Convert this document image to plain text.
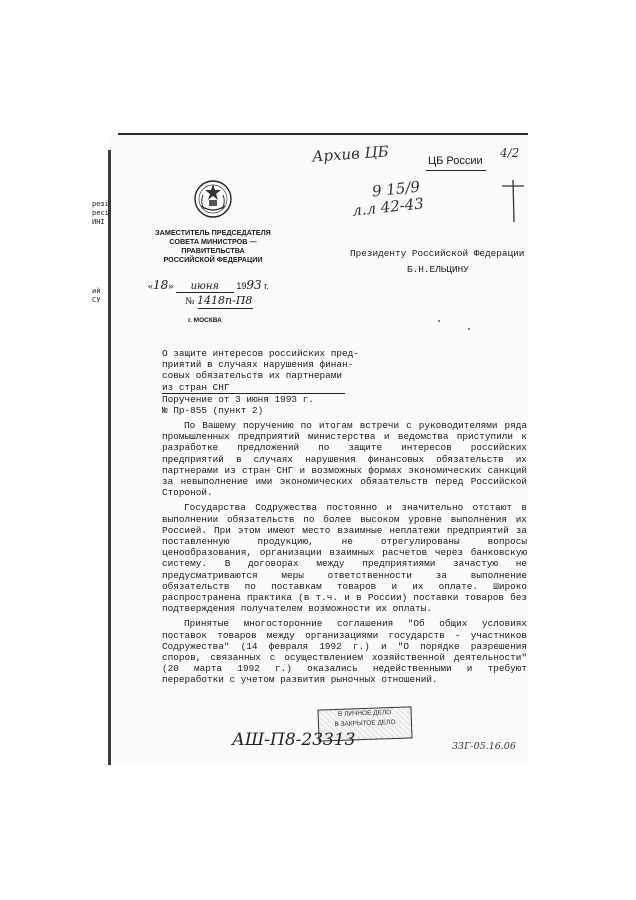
резі
ресі
ИНІ
ий
СУ
Архив ЦБ	ЦБ России
4/2
9 15/9
л.л 42-43
ЗАМЕСТИТЕЛЬ ПРЕДСЕДАТЕЛЯ
СОВЕТА МИНИСТРОВ — ПРАВИТЕЛЬСТВА
РОССИЙСКОЙ ФЕДЕРАЦИИ
«18» июня 1993 г.
№ 1418п-П8
г. МОСКВА
Президенту Российской Федерации
Б.Н.ЕЛЬЦИНУ
О защите интересов российских пред-
приятий в случаях нарушения финан-
совых обязательств их партнерами
из стран СНГ
Поручение от 3 июня 1993 г.
№ Пр-855 (пункт 2)

По Вашему поручению по итогам встречи с руководителями ряда промышленных предприятий министерства и ведомства приступили к разработке предложений по защите интересов российских предприятий в случаях нарушения финансовых обязательств их партнерами из стран СНГ и возможных формах экономических санкций за невыполнение ими экономических обязательств перед Российской Стороной.

Государства Содружества постоянно и значительно отстают в выполнении обязательств по более высоком уровне выполнения их Россией. При этом имеют место взаимные неплатежи предприятий за поставленную продукцию, не отрегулированы вопросы ценообразования, организации взаимных расчетов через банковскую систему. В договорах между предприятиями зачастую не предусматриваются меры ответственности за выполнение обязательств по поставкам товаров и их оплате. Широко распространена практика (в т.ч. и в России) поставки товаров без подтверждения получателем возможности их оплаты.

Принятые многосторонние соглашения "Об общих условиях поставок товаров между организациями государств - участников Содружества" (14 февраля 1992 г.) и "О порядке разрешения споров, связанных с осуществлением хозяйственной деятельности" (20 марта 1992 г.) оказались недейственными и требуют переработки с учетом развития рыночных отношений.

В ЛИЧНОЕ ДЕЛО
В ЗАКРЫТОЕ ДЕЛО
АШ-П8-23313	33Г-05.16.06
